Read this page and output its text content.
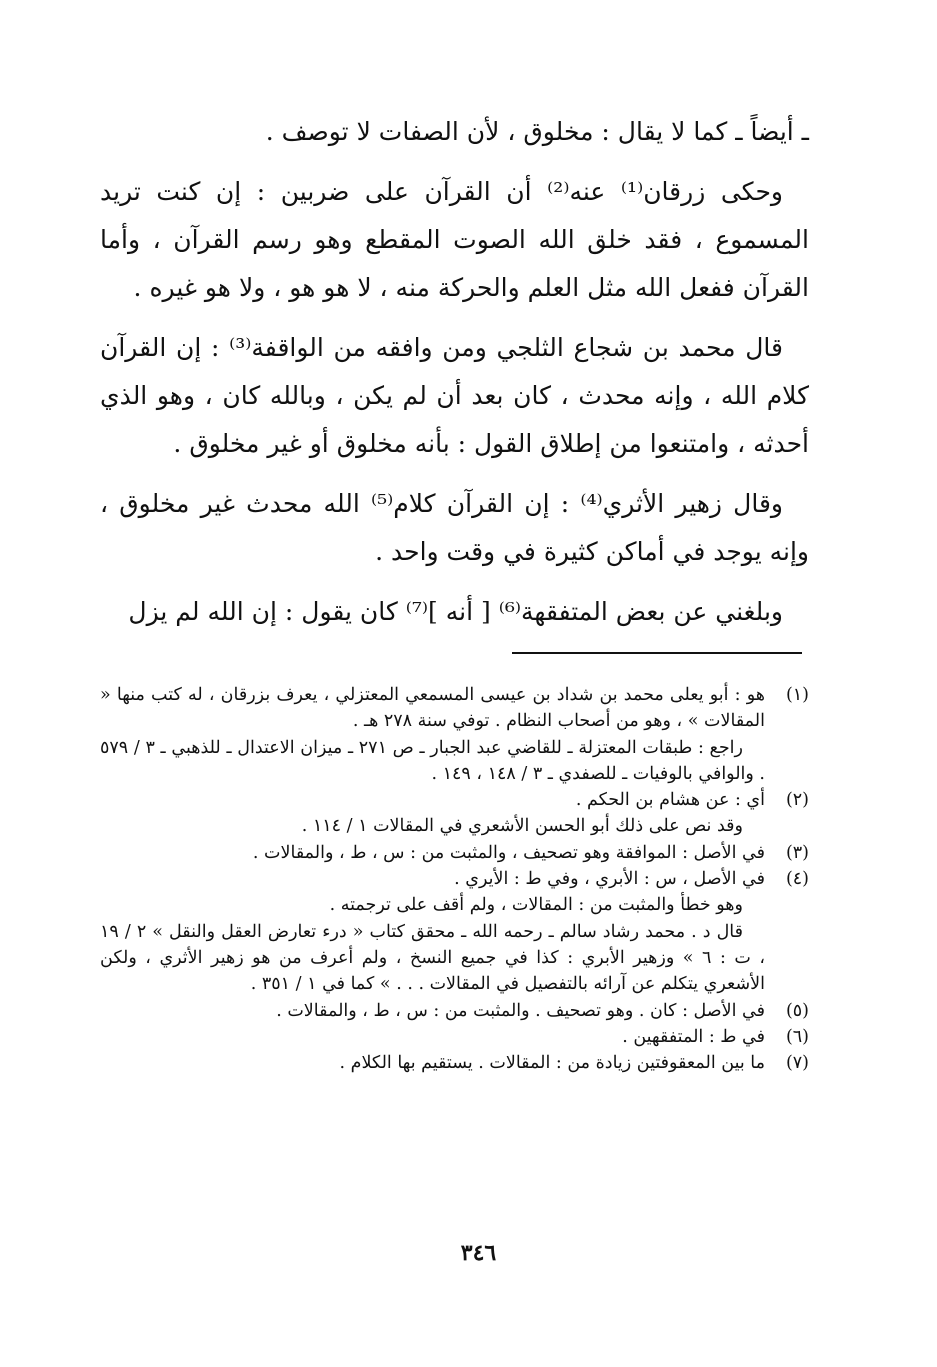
ـ أيضاً ـ كما لا يقال : مخلوق ، لأن الصفات لا توصف .

وحكى زرقان⁽¹⁾ عنه⁽²⁾ أن القرآن على ضربين : إن كنت تريد المسموع ، فقد خلق الله الصوت المقطع وهو رسم القرآن ، وأما القرآن ففعل الله مثل العلم والحركة منه ، لا هو هو ، ولا هو غيره .

قال محمد بن شجاع الثلجي ومن وافقه من الواقفة⁽³⁾ : إن القرآن كلام الله ، وإنه محدث ، كان بعد أن لم يكن ، وبالله كان ، وهو الذي أحدثه ، وامتنعوا من إطلاق القول : بأنه مخلوق أو غير مخلوق .

وقال زهير الأثري⁽⁴⁾ : إن القرآن كلام⁽⁵⁾ الله محدث غير مخلوق ، وإنه يوجد في أماكن كثيرة في وقت واحد .

وبلغني عن بعض المتفقهة⁽⁶⁾ [ أنه ]⁽⁷⁾ كان يقول : إن الله لم يزل

(١)
هو : أبو يعلى محمد بن شداد بن عيسى المسمعي المعتزلي ، يعرف بزرقان ، له كتب منها « المقالات » ، وهو من أصحاب النظام . توفي سنة ٢٧٨ هـ .
راجع : طبقات المعتزلة ـ للقاضي عبد الجبار ـ ص ٢٧١ ـ ميزان الاعتدال ـ للذهبي ـ ٣ / ٥٧٩ . والوافي بالوفيات ـ للصفدي ـ ٣ / ١٤٨ ، ١٤٩ .
(٢)
أي : عن هشام بن الحكم .
وقد نص على ذلك أبو الحسن الأشعري في المقالات ١ / ١١٤ .
(٣)
في الأصل : الموافقة وهو تصحيف ، والمثبت من : س ، ط ، والمقالات .
(٤)
في الأصل ، س : الأبري ، وفي ط : الأيري .
وهو خطأ والمثبت من : المقالات ، ولم أقف على ترجمته .
قال د . محمد رشاد سالم ـ رحمه الله ـ محقق كتاب « درء تعارض العقل والنقل » ٢ / ١٩ ، ت : ٦ » وزهير الأبري : كذا في جميع النسخ ، ولم أعرف من هو زهير الأثري ، ولكن الأشعري يتكلم عن آرائه بالتفصيل في المقالات . . . » كما في ١ / ٣٥١ .
(٥)
في الأصل : كان . وهو تصحيف . والمثبت من : س ، ط ، والمقالات .
(٦)
في ط : المتفقهين .
(٧)
ما بين المعقوفتين زيادة من : المقالات . يستقيم بها الكلام .
٣٤٦
